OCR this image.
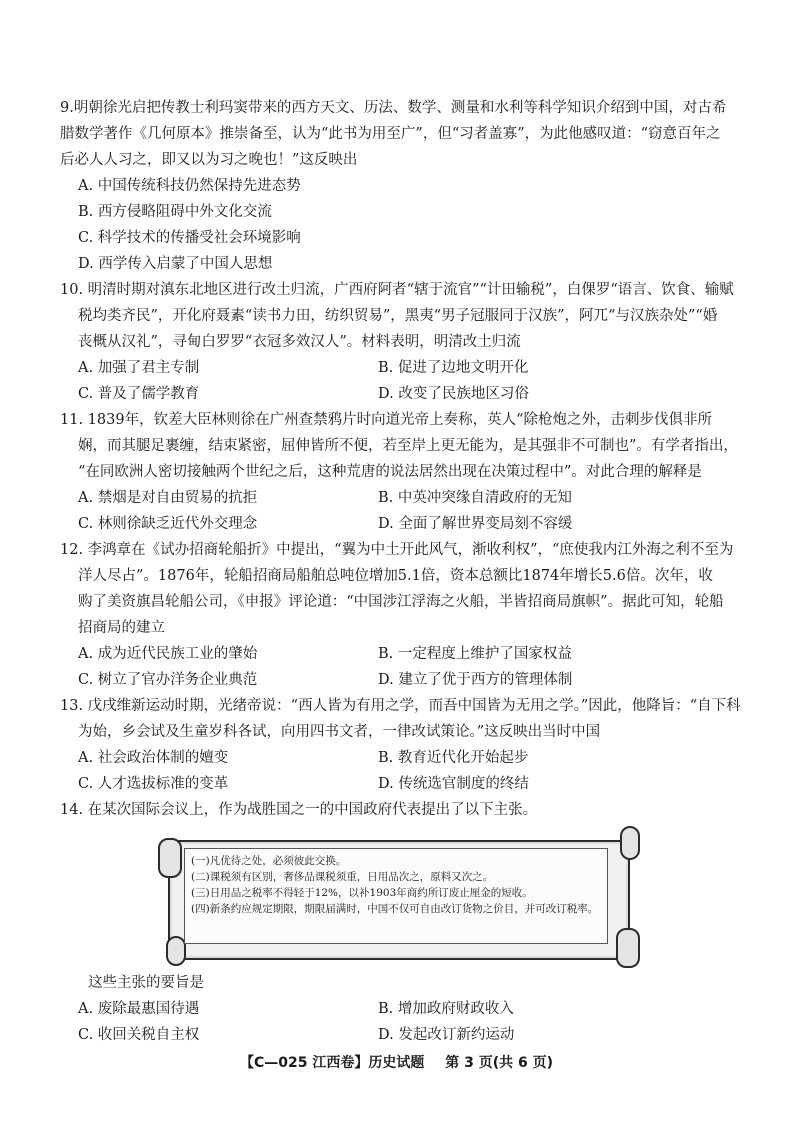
9.明朝徐光启把传教士利玛窦带来的西方天文、历法、数学、测量和水利等科学知识介绍到中国，对古希
腊数学著作《几何原本》推崇备至，认为“此书为用至广”，但“习者盖寡”，为此他感叹道：“窃意百年之
后必人人习之，即又以为习之晚也！”这反映出
A. 中国传统科技仍然保持先进态势
B. 西方侵略阻碍中外文化交流
C. 科学技术的传播受社会环境影响
D. 西学传入启蒙了中国人思想
10. 明清时期对滇东北地区进行改土归流，广西府阿者“辖于流官”“计田输税”，白倮罗“语言、饮食、输赋
税均类齐民”，开化府聂素“读书力田，纺织贸易”，黑夷“男子冠服同于汉族”，阿兀“与汉族杂处”“婚
丧概从汉礼”，寻甸白罗罗“衣冠多效汉人”。材料表明，明清改土归流
A. 加强了君主专制	B. 促进了边地文明开化
C. 普及了儒学教育	D. 改变了民族地区习俗
11. 1839年，钦差大臣林则徐在广州查禁鸦片时向道光帝上奏称，英人“除枪炮之外，击刺步伐俱非所
娴，而其腿足裹缠，结束紧密，屈伸皆所不便，若至岸上更无能为，是其强非不可制也”。有学者指出，
“在同欧洲人密切接触两个世纪之后，这种荒唐的说法居然出现在决策过程中”。对此合理的解释是
A. 禁烟是对自由贸易的抗拒	B. 中英冲突缘自清政府的无知
C. 林则徐缺乏近代外交理念	D. 全面了解世界变局刻不容缓
12. 李鸿章在《试办招商轮船折》中提出，“翼为中土开此风气，渐收利权”，“庶使我内江外海之利不至为
洋人尽占”。1876年，轮船招商局船舶总吨位增加5.1倍，资本总额比1874年增长5.6倍。次年，收
购了美资旗昌轮船公司，《申报》评论道：“中国涉江浮海之火船，半皆招商局旗帜”。据此可知，轮船
招商局的建立
A. 成为近代民族工业的肇始	B. 一定程度上维护了国家权益
C. 树立了官办洋务企业典范	D. 建立了优于西方的管理体制
13. 戊戌维新运动时期，光绪帝说：“西人皆为有用之学，而吾中国皆为无用之学。”因此，他降旨：“自下科
为始，乡会试及生童岁科各试，向用四书文者，一律改试策论。”这反映出当时中国
A. 社会政治体制的嬗变	B. 教育近代化开始起步
C. 人才选拔标准的变革	D. 传统选官制度的终结
14. 在某次国际会议上，作为战胜国之一的中国政府代表提出了以下主张。
(一)凡优待之处，必须彼此交换。
(二)课税须有区别，奢侈品课税须重，日用品次之，原料又次之。
(三)日用品之税率不得轻于12%，以补1903年商约所订废止厘金的短收。
(四)新条约应规定期限，期限届满时，中国不仅可自由改订货物之价目，并可改订税率。
这些主张的要旨是
A. 废除最惠国待遇	B. 增加政府财政收入
C. 收回关税自主权	D. 发起改订新约运动
【C—025 江西卷】历史试题 第 3 页(共 6 页)
